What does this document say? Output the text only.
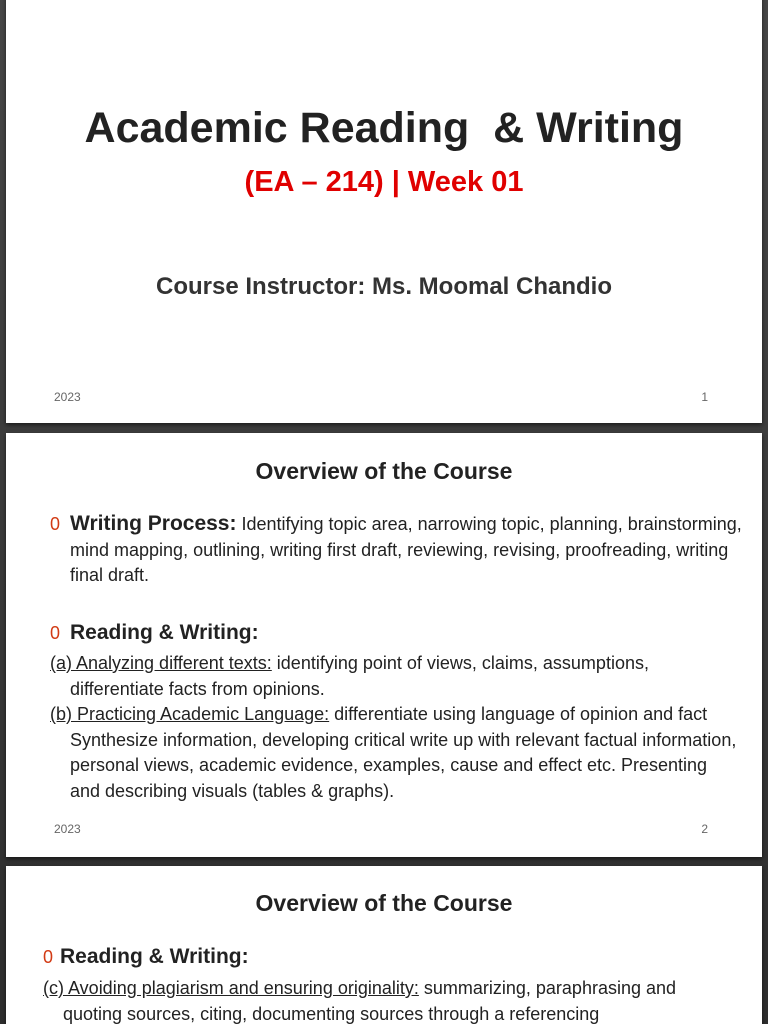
Academic Reading  & Writing
(EA – 214) | Week 01
Course Instructor: Ms. Moomal Chandio
2023	1
Overview of the Course

0 Writing Process: Identifying topic area, narrowing topic, planning, brainstorming, mind mapping, outlining, writing first draft, reviewing, revising, proofreading, writing final draft.

0 Reading & Writing:

(a) Analyzing different texts: identifying point of views, claims, assumptions, differentiate facts from opinions.

(b) Practicing Academic Language: differentiate using language of opinion and fact Synthesize information, developing critical write up with relevant factual information, personal views, academic evidence, examples, cause and effect etc. Presenting and describing visuals (tables & graphs).

2023	2
Overview of the Course

0 Reading & Writing:

(c) Avoiding plagiarism and ensuring originality: summarizing, paraphrasing and quoting sources, citing, documenting sources through a referencing
